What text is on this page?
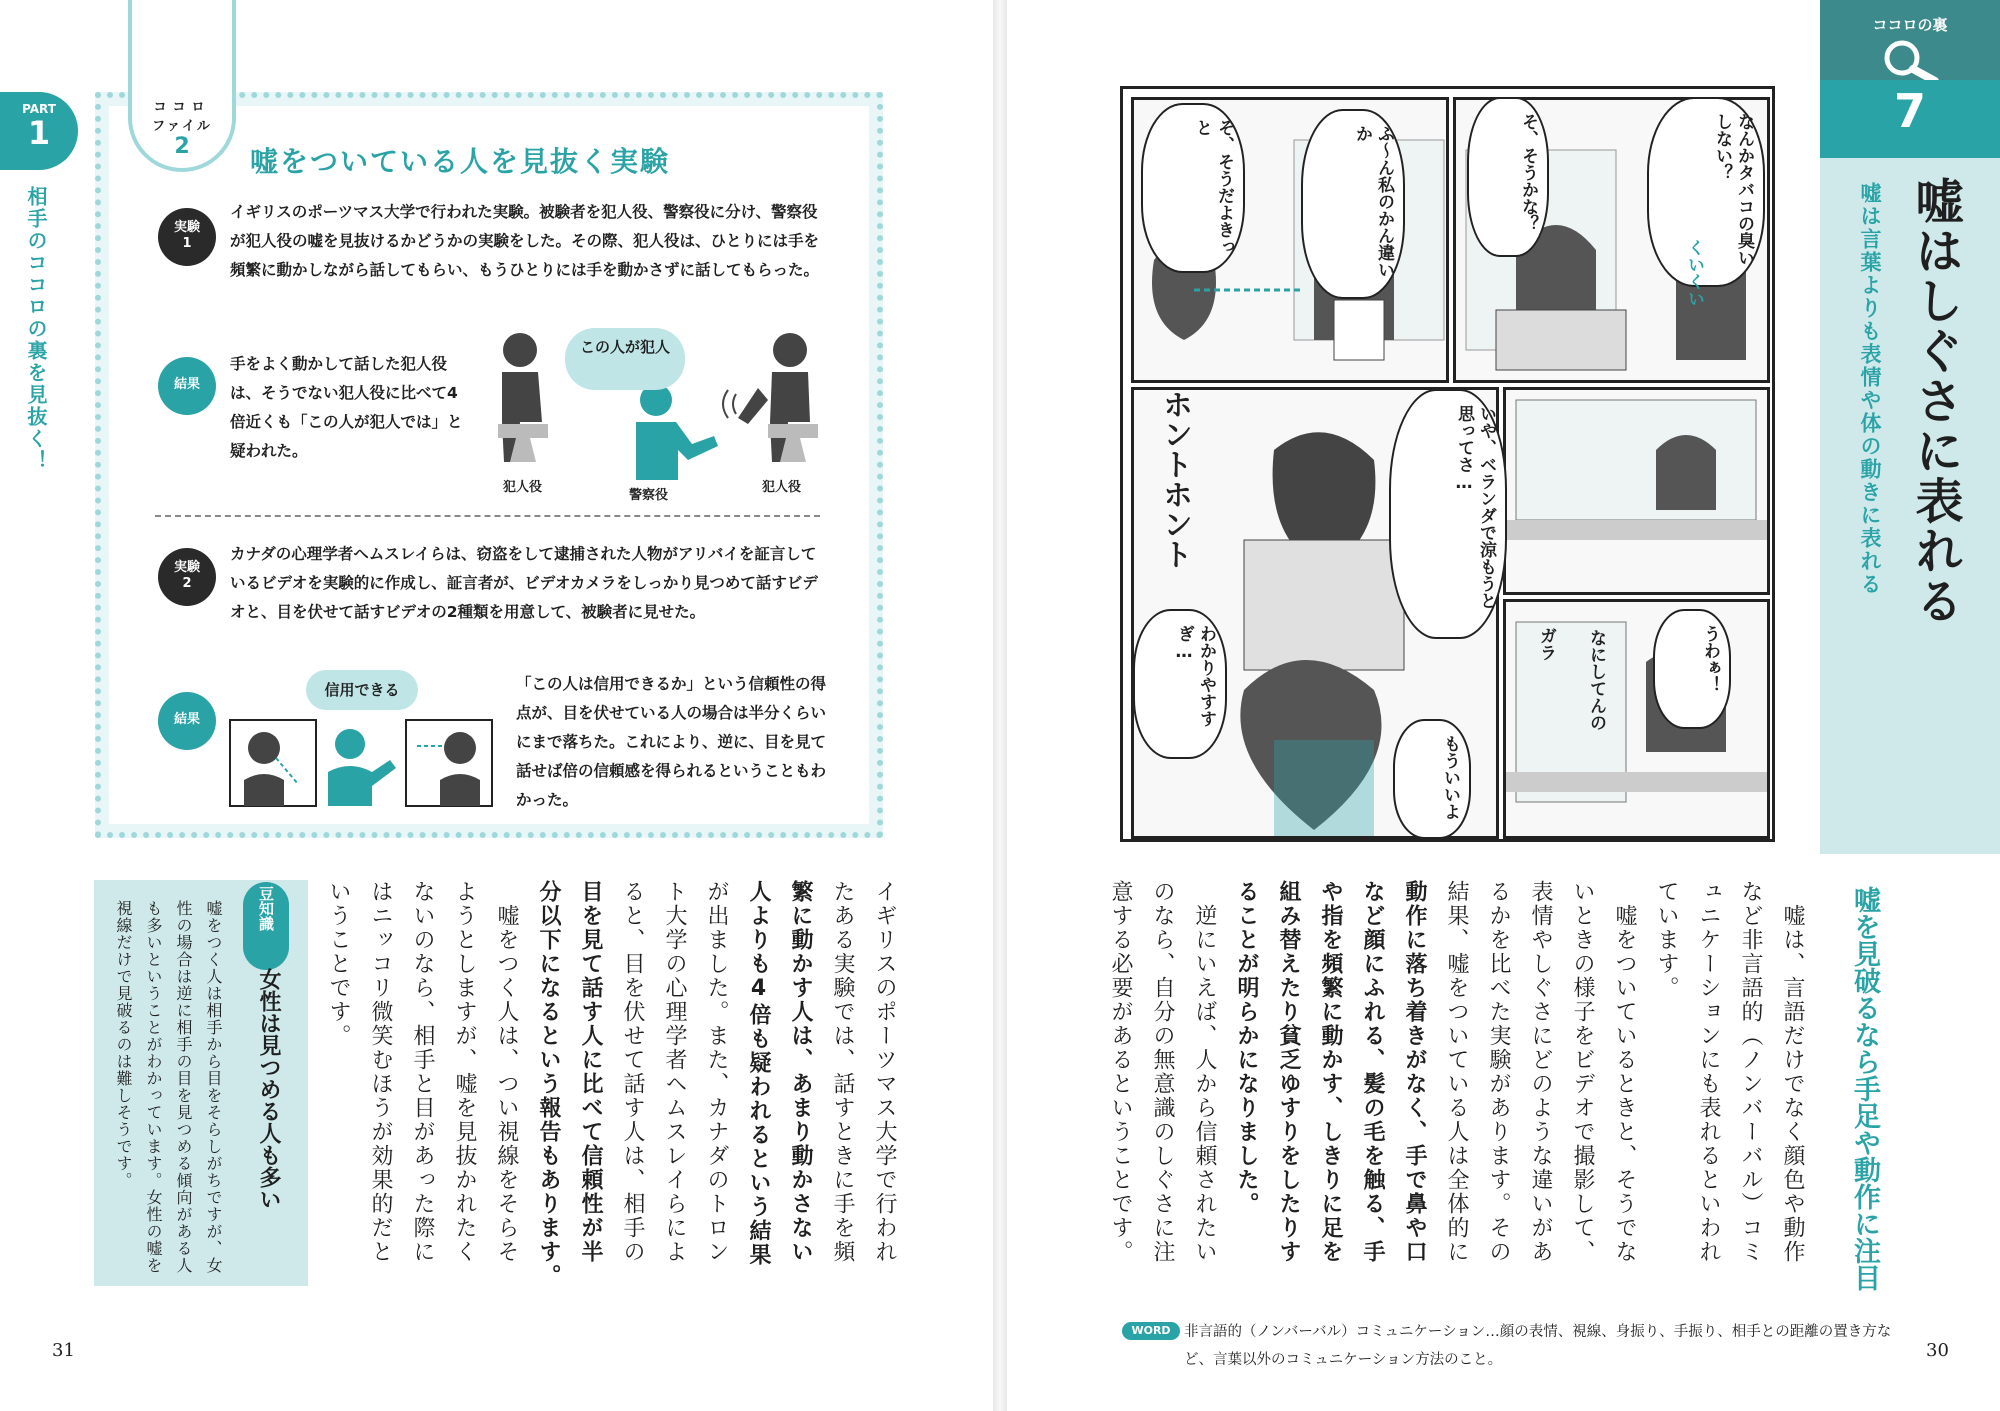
PART
1
相手のココロの裏を見抜く！
ココロ
ファイル
2	嘘をついている人を見抜く実験
実験
1
イギリスのポーツマス大学で行われた実験。被験者を犯人役、警察役に分け、警察役が犯人役の嘘を見抜けるかどうかの実験をした。その際、犯人役は、ひとりには手を頻繁に動かしながら話してもらい、もうひとりには手を動かさずに話してもらった。
結果
手をよく動かして話した犯人役は、そうでない犯人役に比べて4倍近くも「この人が犯人では」と疑われた。
この人が犯人
犯人役
警察役
犯人役
実験
2
カナダの心理学者ヘムスレイらは、窃盗をして逮捕された人物がアリバイを証言しているビデオを実験的に作成し、証言者が、ビデオカメラをしっかり見つめて話すビデオと、目を伏せて話すビデオの2種類を用意して、被験者に見せた。
結果
信用できる	「この人は信用できるか」という信頼性の得点が、目を伏せている人の場合は半分くらいにまで落ちた。これにより、逆に、目を見て話せば倍の信頼感を得られるということもわかった。
豆知識
女性は見つめる人も多い
嘘をつく人は相手から目をそらしがちですが、女性の場合は逆に相手の目を見つめる傾向がある人も多いということがわかっています。女性の嘘を視線だけで見破るのは難しそうです。
31
ココロの裏
7
嘘はしぐさに表れる
嘘は言葉よりも表情や体の動きに表れる
なんかタバコの臭いしない？
そ、そうかな？
ふ〜ん私のかん違いか
そ、そうだよきっと
いや、ベランダで涼もうと思ってさ…
わかりやすすぎ…
もういいよ
うわぁ！
なにしてんの
ホントホント
ガラ
くいくい
嘘を見破るなら手足や動作に注目
WORD 非言語的（ノンバーバル）コミュニケーション…顔の表情、視線、身振り、手振り、相手との距離の置き方など、言葉以外のコミュニケーション方法のこと。	30
イギリスのポーツマス大学で行われ
たある実験では、話すときに手を頻
繁に動かす人は、あまり動かさない
人よりも4倍も疑われるという結果
が出ました。また、カナダのトロン
ト大学の心理学者ヘムスレイらによ
ると、目を伏せて話す人は、相手の
目を見て話す人に比べて信頼性が半
分以下になるという報告もあります。
　嘘をつく人は、つい視線をそらそ
ようとしますが、嘘を見抜かれたく
ないのなら、相手と目があった際に
はニッコリ微笑むほうが効果的だと
いうことです。	　嘘は、言語だけでなく顔色や動作
など非言語的（ノンバーバル）コミ
ュニケーションにも表れるといわれ
ています。
　嘘をついているときと、そうでな
いときの様子をビデオで撮影して、
表情やしぐさにどのような違いがあ
るかを比べた実験があります。その
結果、嘘をついている人は全体的に
動作に落ち着きがなく、手で鼻や口
など顔にふれる、髪の毛を触る、手
や指を頻繁に動かす、しきりに足を
組み替えたり貧乏ゆすりをしたりす
ることが明らかになりました。
　逆にいえば、人から信頼されたい
のなら、自分の無意識のしぐさに注
意する必要があるということです。
